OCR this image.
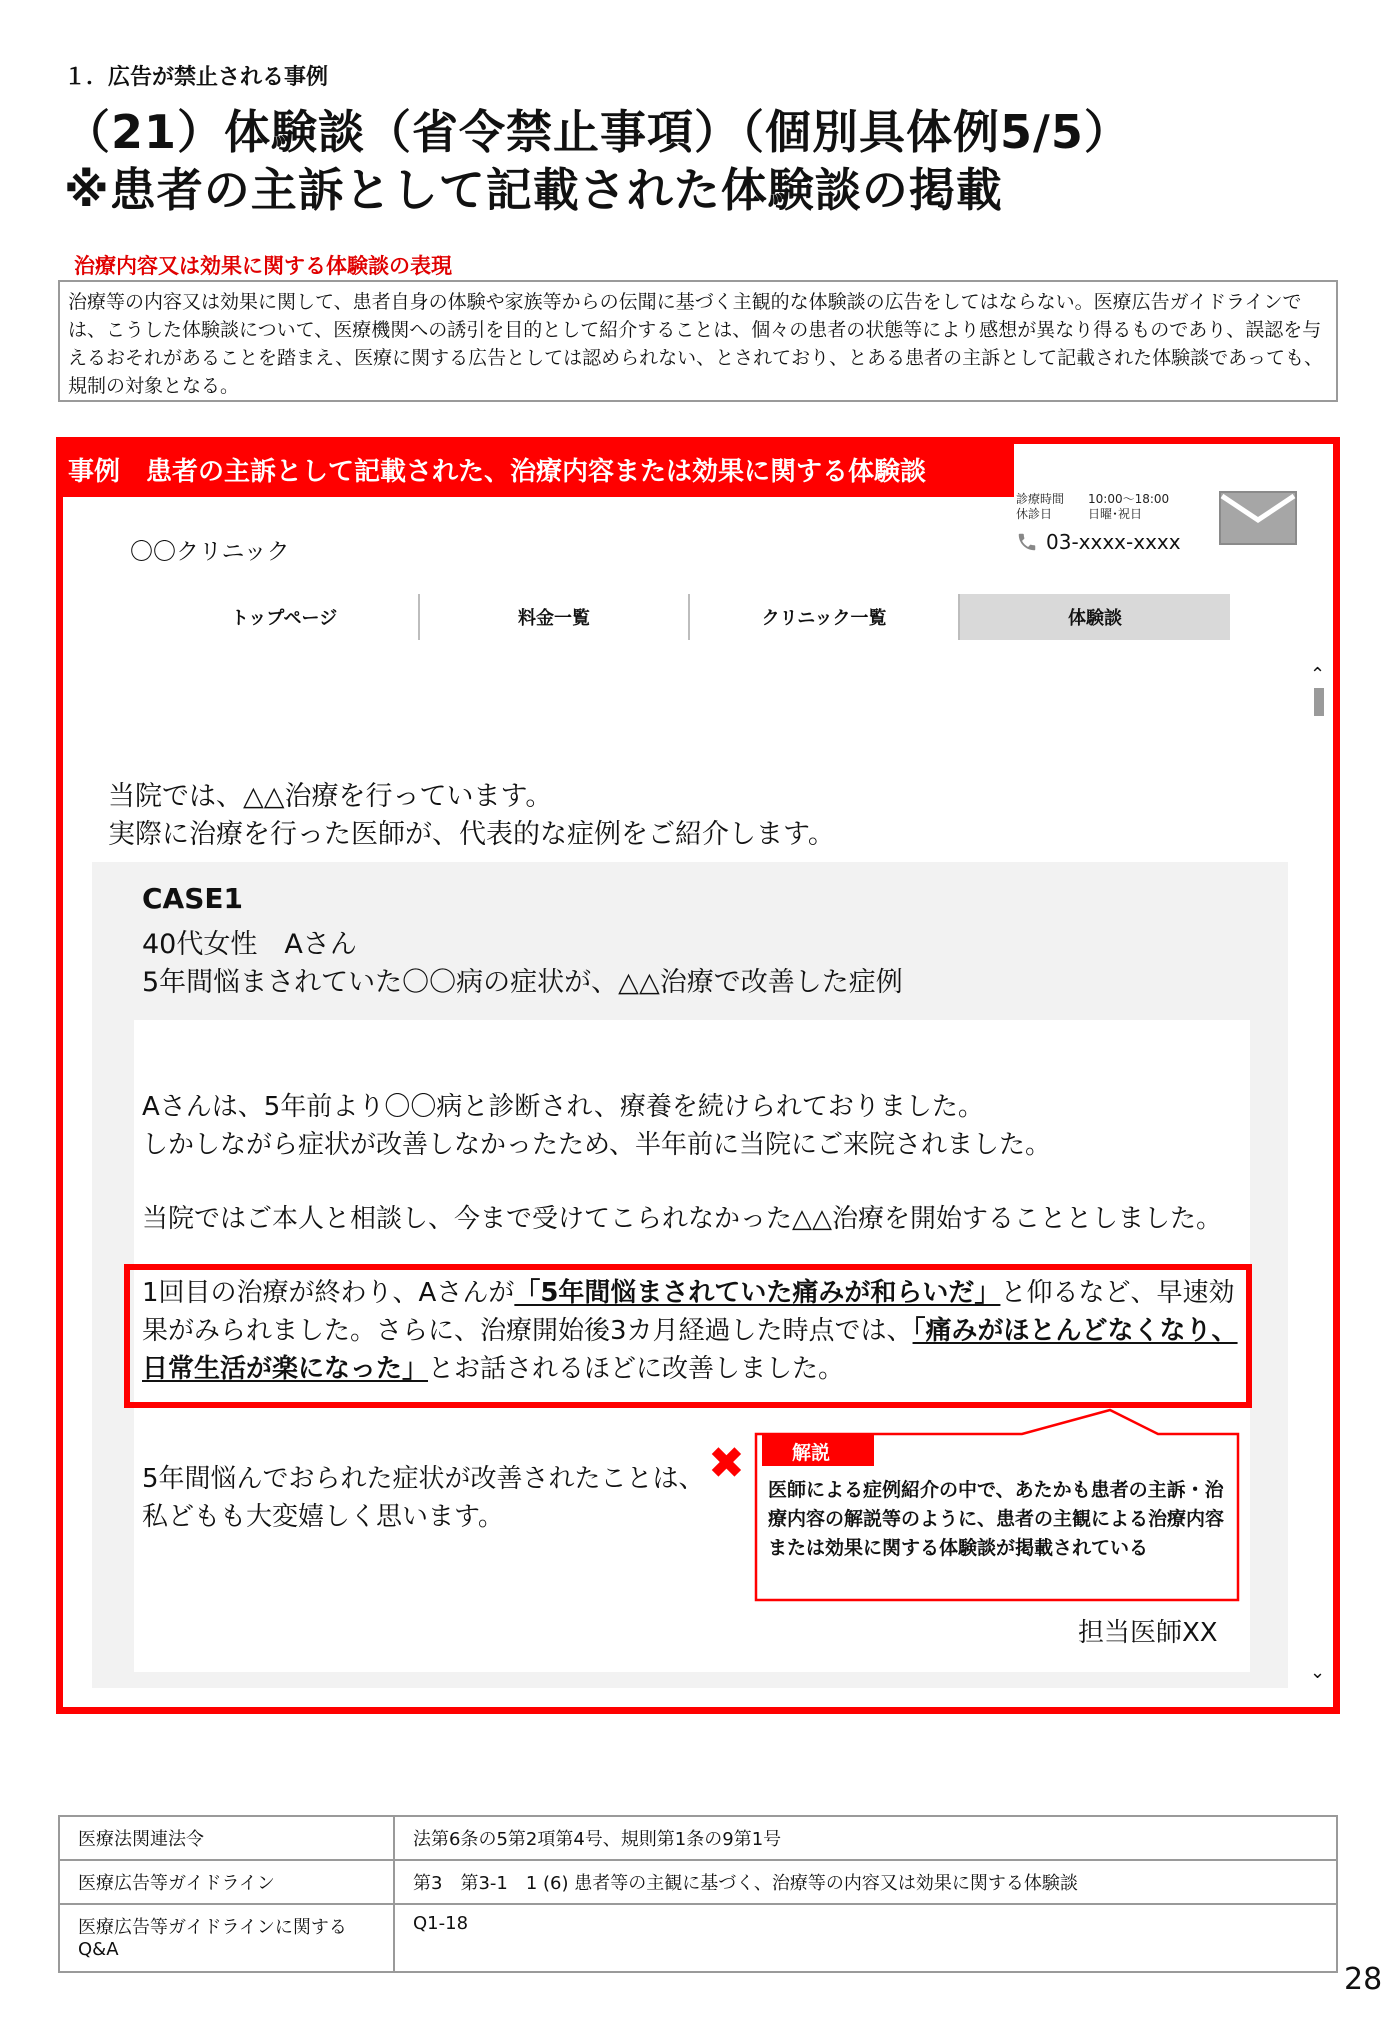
１．広告が禁止される事例
（21）体験談（省令禁止事項）（個別具体例5/5）
※患者の主訴として記載された体験談の掲載
治療内容又は効果に関する体験談の表現
治療等の内容又は効果に関して、患者自身の体験や家族等からの伝聞に基づく主観的な体験談の広告をしてはならない。医療広告ガイドラインでは、こうした体験談について、医療機関への誘引を目的として紹介することは、個々の患者の状態等により感想が異なり得るものであり、誤認を与えるおそれがあることを踏まえ、医療に関する広告としては認められない、とされており、とある患者の主訴として記載された体験談であっても、規制の対象となる。
事例　患者の主訴として記載された、治療内容または効果に関する体験談
〇〇クリニック
診療時間 10:00～18:00
休診日	日曜･祝日
03-xxxx-xxxx
トップページ	料金一覧	クリニック一覧	体験談
⌃
⌄
当院では、△△治療を行っています。
実際に治療を行った医師が、代表的な症例をご紹介します。
CASE1
40代女性　Aさん
5年間悩まされていた〇〇病の症状が、△△治療で改善した症例
Aさんは、5年前より〇〇病と診断され、療養を続けられておりました。
しかしながら症状が改善しなかったため、半年前に当院にご来院されました。
当院ではご本人と相談し、今まで受けてこられなかった△△治療を開始することとしました。
1回目の治療が終わり、Aさんが「5年間悩まされていた痛みが和らいだ」と仰るなど、早速効果がみられました。さらに、治療開始後3カ月経過した時点では、「痛みがほとんどなくなり、日常生活が楽になった」とお話されるほどに改善しました。
5年間悩んでおられた症状が改善されたことは、
私どもも大変嬉しく思います。
✖	解説
医師による症例紹介の中で、あたかも患者の主訴・治療内容の解説等のように、患者の主観による治療内容または効果に関する体験談が掲載されている
担当医師XX
医療法関連法令	法第6条の5第2項第4号、規則第1条の9第1号
医療広告等ガイドライン	第3　第3-1　1 (6) 患者等の主観に基づく、治療等の内容又は効果に関する体験談
医療広告等ガイドラインに関するQ&A	Q1-18
28
